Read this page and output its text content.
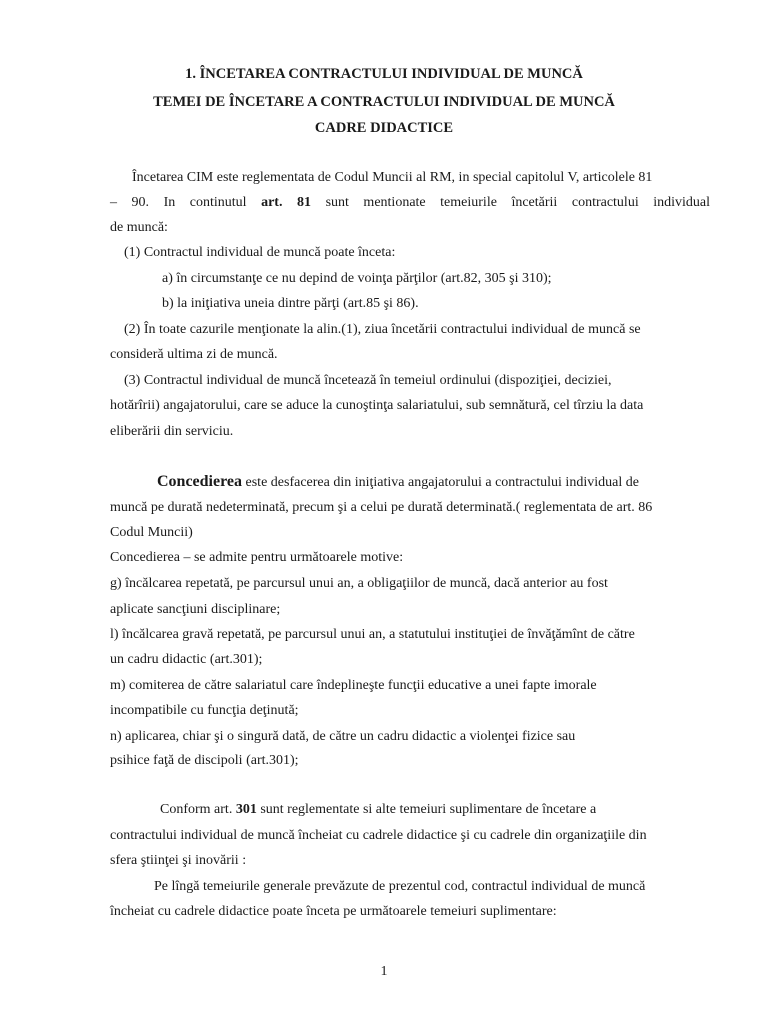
1. ÎNCETAREA CONTRACTULUI INDIVIDUAL DE MUNCĂ
TEMEI DE ÎNCETARE A CONTRACTULUI INDIVIDUAL DE MUNCĂ
CADRE DIDACTICE
Încetarea CIM este reglementata de Codul Muncii al RM, in special capitolul V, articolele 81
– 90. In continutul art. 81 sunt mentionate temeiurile încetării contractului individual
de muncă:
(1) Contractul individual de muncă poate înceta:
a) în circumstanţe ce nu depind de voinţa părţilor (art.82, 305 şi 310);
b) la iniţiativa uneia dintre părţi (art.85 şi 86).
(2) În toate cazurile menţionate la alin.(1), ziua încetării contractului individual de muncă se
consideră ultima zi de muncă.
(3) Contractul individual de muncă încetează în temeiul ordinului (dispoziţiei, deciziei,
hotărîrii) angajatorului, care se aduce la cunoştinţa salariatului, sub semnătură, cel tîrziu la data
eliberării din serviciu.
Concedierea este desfacerea din iniţiativa angajatorului a contractului individual de
muncă pe durată nedeterminată, precum şi a celui pe durată determinată.( reglementata de art. 86
Codul Muncii)
Concedierea – se admite pentru următoarele motive:
g) încălcarea repetată, pe parcursul unui an, a obligaţiilor de muncă, dacă anterior au fost
aplicate sancţiuni disciplinare;
l) încălcarea gravă repetată, pe parcursul unui an, a statutului instituţiei de învăţămînt de către
un cadru didactic (art.301);
m) comiterea de către salariatul care îndeplineşte funcţii educative a unei fapte imorale
incompatibile cu funcţia deţinută;
n) aplicarea, chiar şi o singură dată, de către un cadru didactic a violenţei fizice sau
psihice faţă de discipoli (art.301);
Conform art. 301 sunt reglementate si alte temeiuri suplimentare de încetare a
contractului individual de muncă încheiat cu cadrele didactice şi cu cadrele din organizaţiile din
sfera ştiinţei şi inovării :
Pe lîngă temeiurile generale prevăzute de prezentul cod, contractul individual de muncă
încheiat cu cadrele didactice poate înceta pe următoarele temeiuri suplimentare:
1
